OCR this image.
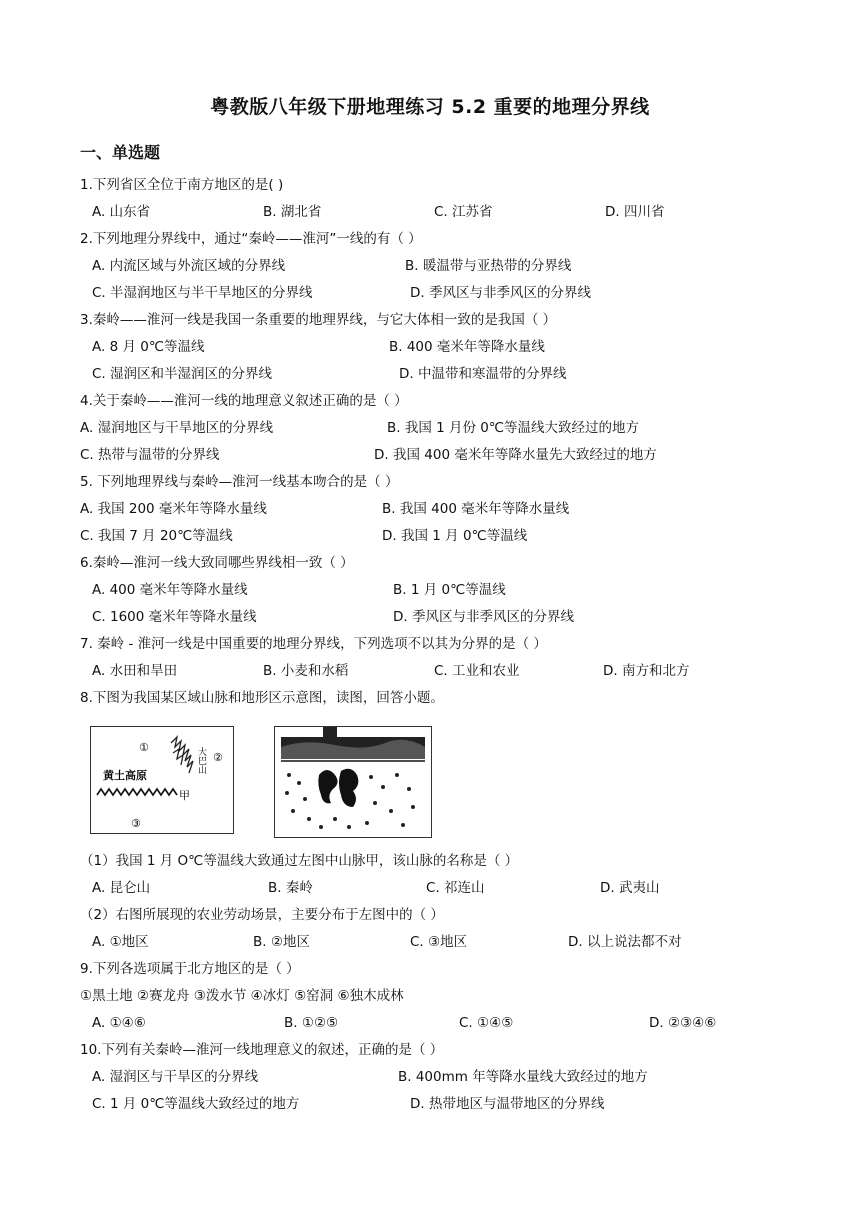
粤教版八年级下册地理练习 5.2 重要的地理分界线
一、单选题
1.下列省区全位于南方地区的是( )
A. 山东省	B. 湖北省	C. 江苏省	D. 四川省
2.下列地理分界线中，通过“秦岭——淮河”一线的有（ ）
A. 内流区域与外流区域的分界线	B. 暖温带与亚热带的分界线
C. 半湿润地区与半干旱地区的分界线	D. 季风区与非季风区的分界线
3.秦岭——淮河一线是我国一条重要的地理界线，与它大体相一致的是我国（ ）
A. 8 月 0℃等温线	B. 400 毫米年等降水量线
C. 湿润区和半湿润区的分界线	D. 中温带和寒温带的分界线
4.关于秦岭——淮河一线的地理意义叙述正确的是（ ）
A. 湿润地区与干旱地区的分界线	B. 我国 1 月份 0℃等温线大致经过的地方
C. 热带与温带的分界线	D. 我国 400 毫米年等降水量先大致经过的地方
5. 下列地理界线与秦岭—淮河一线基本吻合的是（ ）
A. 我国 200 毫米年等降水量线	B. 我国 400 毫米年等降水量线
C. 我国 7 月 20℃等温线	D. 我国 1 月 0℃等温线
6.秦岭—淮河一线大致同哪些界线相一致（ ）
A. 400 毫米年等降水量线	B. 1 月 0℃等温线
C. 1600 毫米年等降水量线	D. 季风区与非季风区的分界线
7. 秦岭 - 淮河一线是中国重要的地理分界线，下列选项不以其为分界的是（ ）
A. 水田和旱田	B. 小麦和水稻	C. 工业和农业	D. 南方和北方
8.下图为我国某区域山脉和地形区示意图，读图，回答小题。
①
②
③
黄土高原
大巴山
甲
（1）我国 1 月 O℃等温线大致通过左图中山脉甲，该山脉的名称是（ ）
A. 昆仑山	B. 秦岭	C. 祁连山	D. 武夷山
（2）右图所展现的农业劳动场景，主要分布于左图中的（ ）
A. ①地区	B. ②地区	C. ③地区	D. 以上说法都不对
9.下列各选项属于北方地区的是（ ）
①黑土地 ②赛龙舟 ③泼水节 ④冰灯 ⑤窑洞 ⑥独木成林
A. ①④⑥	B. ①②⑤	C. ①④⑤	D. ②③④⑥
10.下列有关秦岭—淮河一线地理意义的叙述，正确的是（ ）
A. 湿润区与干旱区的分界线	B. 400mm 年等降水量线大致经过的地方
C. 1 月 0℃等温线大致经过的地方	D. 热带地区与温带地区的分界线
